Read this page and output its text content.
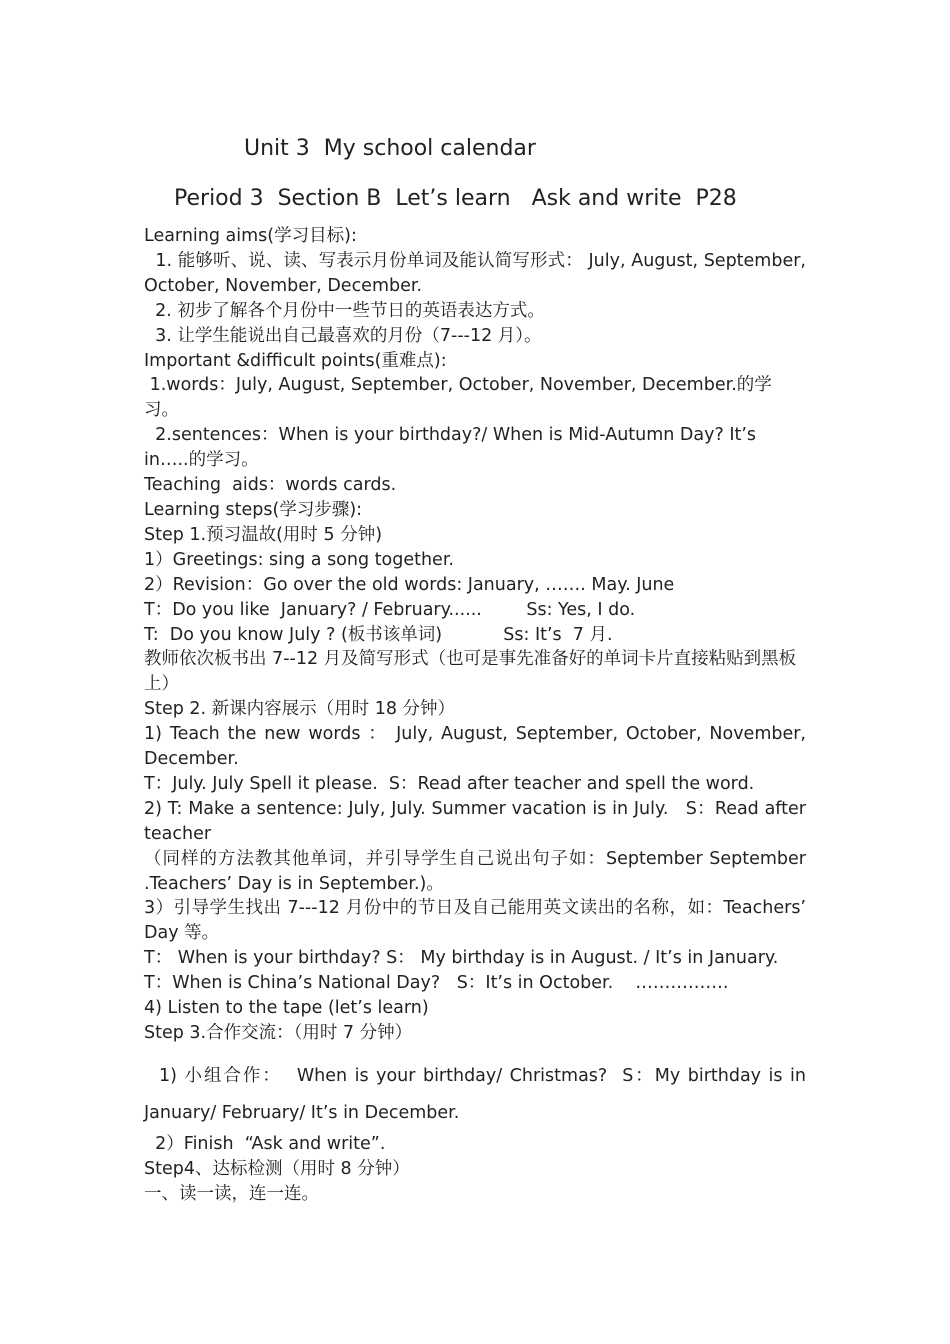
Unit 3  My school calendar
Period 3  Section B  Let’s learn   Ask and write  P28
Learning aims(学习目标):
1. 能够听、说、读、写表示月份单词及能认简写形式： July, August, September, October, November, December.
2. 初步了解各个月份中一些节日的英语表达方式。
3. 让学生能说出自己最喜欢的月份（7---12 月）。
Important &difficult points(重难点):
1.words：July, August, September, October, November, December.的学习。
2.sentences：When is your birthday?/ When is Mid-Autumn Day? It’s in…..的学习。
Teaching  aids：words cards.
Learning steps(学习步骤):
Step 1.预习温故(用时 5 分钟)
1）Greetings: sing a song together.
2）Revision：Go over the old words: January, ……. May. June
T：Do you like  January? / February......        Ss: Yes, I do.
T:  Do you know July ? (板书该单词)           Ss: It’s  7 月.
教师依次板书出 7--12 月及简写形式（也可是事先准备好的单词卡片直接粘贴到黑板上）
Step 2. 新课内容展示（用时 18 分钟）
1) Teach the new words ： July, August, September, October, November, December.
T：July. July Spell it please.  S：Read after teacher and spell the word.
2) T: Make a sentence: July, July. Summer vacation is in July.   S：Read after teacher
（同样的方法教其他单词，并引导学生自己说出句子如：September September .Teachers’ Day is in September.)。
3）引导学生找出 7---12 月份中的节日及自己能用英文读出的名称，如：Teachers’ Day 等。
T： When is your birthday? S： My birthday is in August. / It’s in January.
T：When is China’s National Day?   S：It’s in October.    …………….
4) Listen to the tape (let’s learn)
Step 3.合作交流：（用时 7 分钟）
1) 小组合作：  When is your birthday/ Christmas?  S：My birthday is in  January/ February/ It’s in December.
2）Finish  “Ask and write”.
Step4、达标检测（用时 8 分钟）
一、读一读，连一连。
